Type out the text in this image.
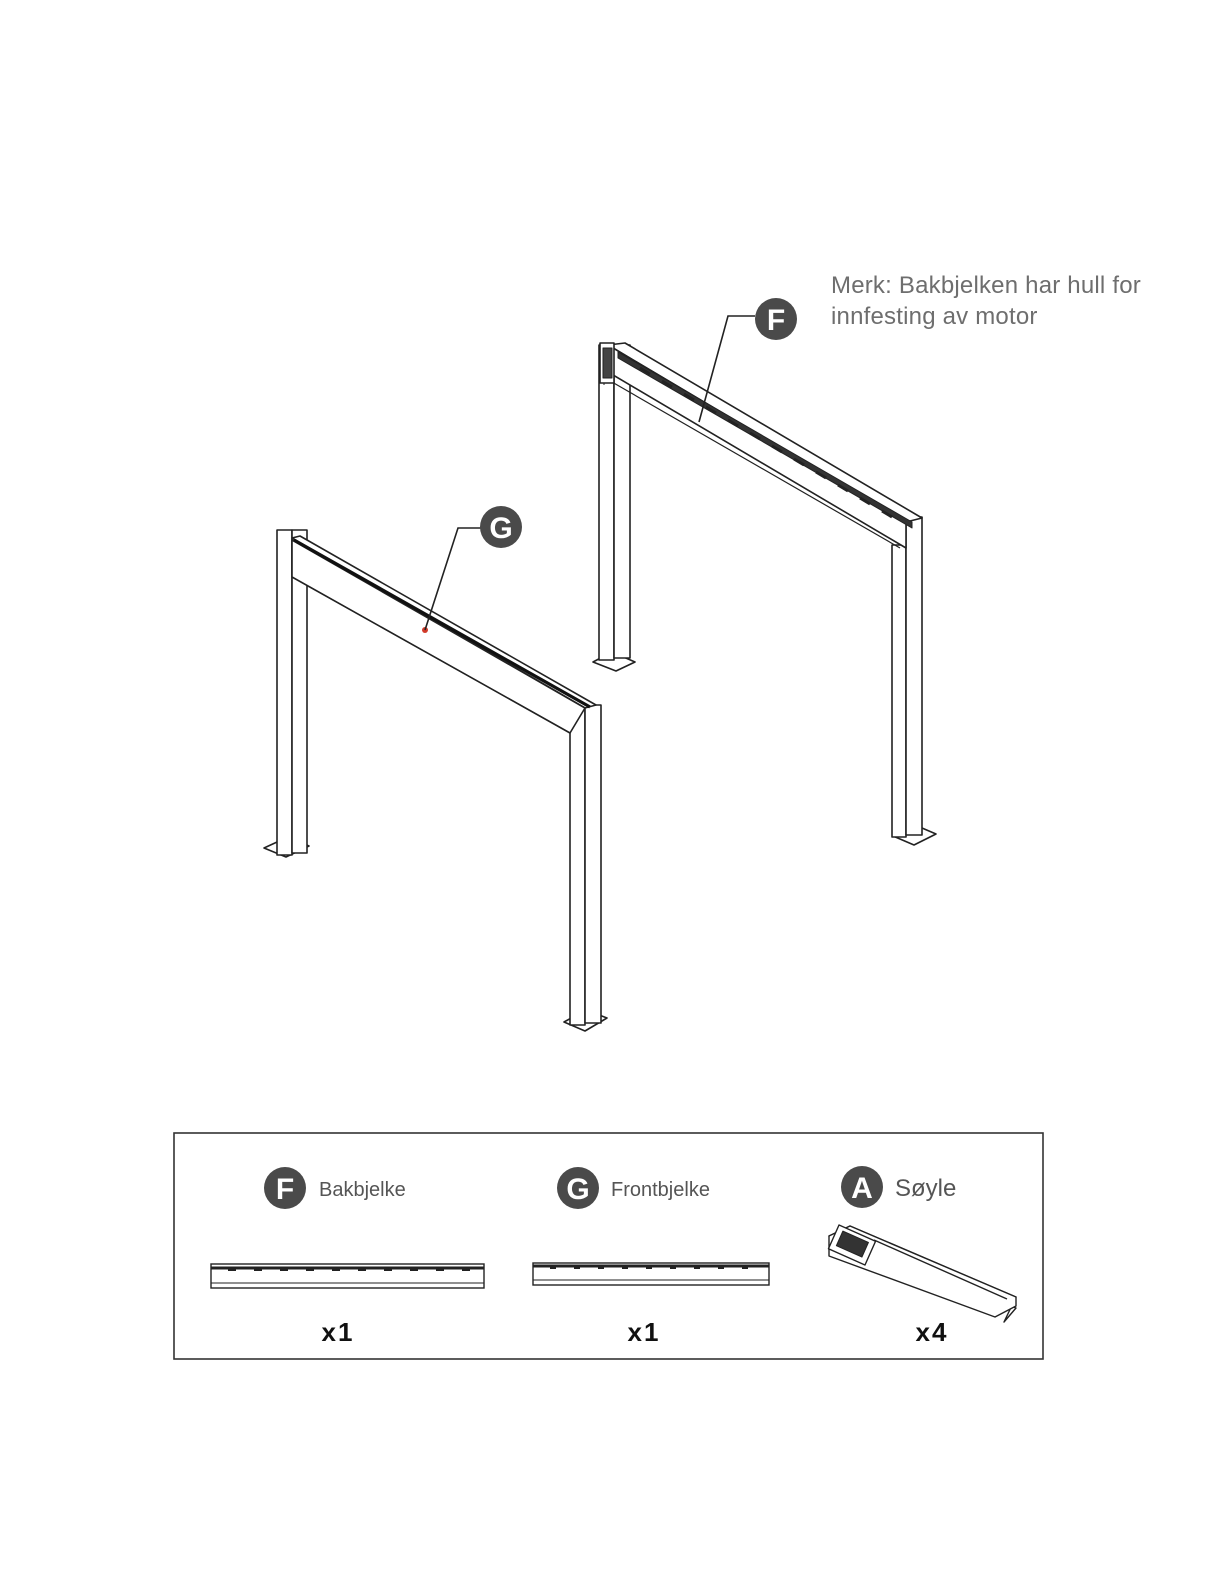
F
G
F Bakbjelke
x1
G Frontbjelke
x1
A Søyle
x4
Merk: Bakbjelken har hull for
innfesting av motor
